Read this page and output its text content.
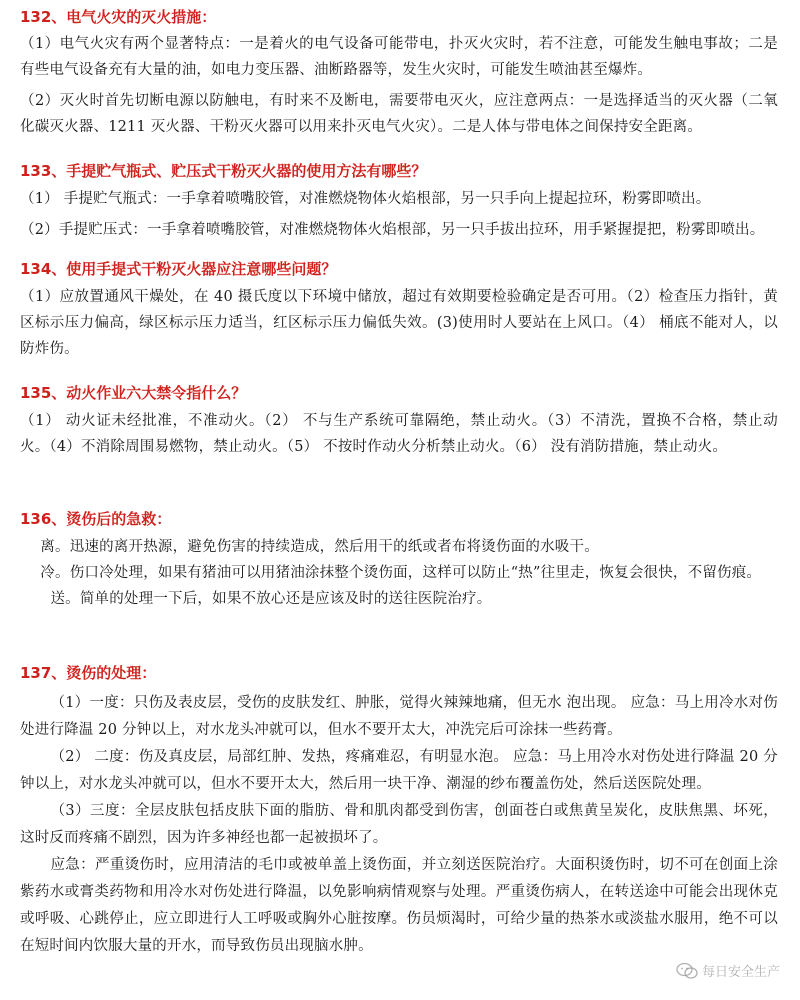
132、电气火灾的灭火措施：

（1）电气火灾有两个显著特点：一是着火的电气设备可能带电，扑灭火灾时，若不注意，可能发生触电事故；二是有些电气设备充有大量的油，如电力变压器、油断路器等，发生火灾时，可能发生喷油甚至爆炸。

（2）灭火时首先切断电源以防触电，有时来不及断电，需要带电灭火，应注意两点：一是选择适当的灭火器（二氧化碳灭火器、1211 灭火器、干粉灭火器可以用来扑灭电气火灾）。二是人体与带电体之间保持安全距离。

133、手提贮气瓶式、贮压式干粉灭火器的使用方法有哪些？

（1） 手提贮气瓶式：一手拿着喷嘴胶管，对准燃烧物体火焰根部，另一只手向上提起拉环，粉雾即喷出。

（2）手提贮压式：一手拿着喷嘴胶管，对准燃烧物体火焰根部，另一只手拔出拉环，用手紧握提把，粉雾即喷出。

134、使用手提式干粉灭火器应注意哪些问题？

（1）应放置通风干燥处，在 40 摄氏度以下环境中储放，超过有效期要检验确定是否可用。（2）检查压力指针，黄区标示压力偏高，绿区标示压力适当，红区标示压力偏低失效。(3)使用时人要站在上风口。（4） 桶底不能对人，以防炸伤。

135、动火作业六大禁令指什么？

（1） 动火证未经批准，不准动火。（2） 不与生产系统可靠隔绝，禁止动火。（3）不清洗，置换不合格，禁止动火。（4）不消除周围易燃物，禁止动火。（5） 不按时作动火分析禁止动火。（6） 没有消防措施，禁止动火。

136、烫伤后的急救：

离。迅速的离开热源，避免伤害的持续造成，然后用干的纸或者布将烫伤面的水吸干。

冷。伤口冷处理，如果有猪油可以用猪油涂抹整个烫伤面，这样可以防止“热”往里走，恢复会很快，不留伤痕。

送。简单的处理一下后，如果不放心还是应该及时的送往医院治疗。

137、烫伤的处理：

（1）一度：只伤及表皮层，受伤的皮肤发红、肿胀，觉得火辣辣地痛，但无水 泡出现。 应急：马上用冷水对伤处进行降温 20 分钟以上，对水龙头冲就可以，但水不要开太大，冲洗完后可涂抹一些药膏。

（2） 二度：伤及真皮层，局部红肿、发热，疼痛难忍，有明显水泡。 应急：马上用冷水对伤处进行降温 20 分钟以上，对水龙头冲就可以，但水不要开太大，然后用一块干净、潮湿的纱布覆盖伤处，然后送医院处理。

（3）三度：全层皮肤包括皮肤下面的脂肪、骨和肌肉都受到伤害，创面苍白或焦黄呈炭化，皮肤焦黑、坏死，这时反而疼痛不剧烈，因为许多神经也都一起被损坏了。

应急：严重烫伤时，应用清洁的毛巾或被单盖上烫伤面，并立刻送医院治疗。大面积烫伤时，切不可在创面上涂紫药水或膏类药物和用冷水对伤处进行降温，以免影响病情观察与处理。严重烫伤病人，在转送途中可能会出现休克或呼吸、心跳停止，应立即进行人工呼吸或胸外心脏按摩。伤员烦渴时，可给少量的热茶水或淡盐水服用，绝不可以在短时间内饮服大量的开水，而导致伤员出现脑水肿。

每日安全生产
